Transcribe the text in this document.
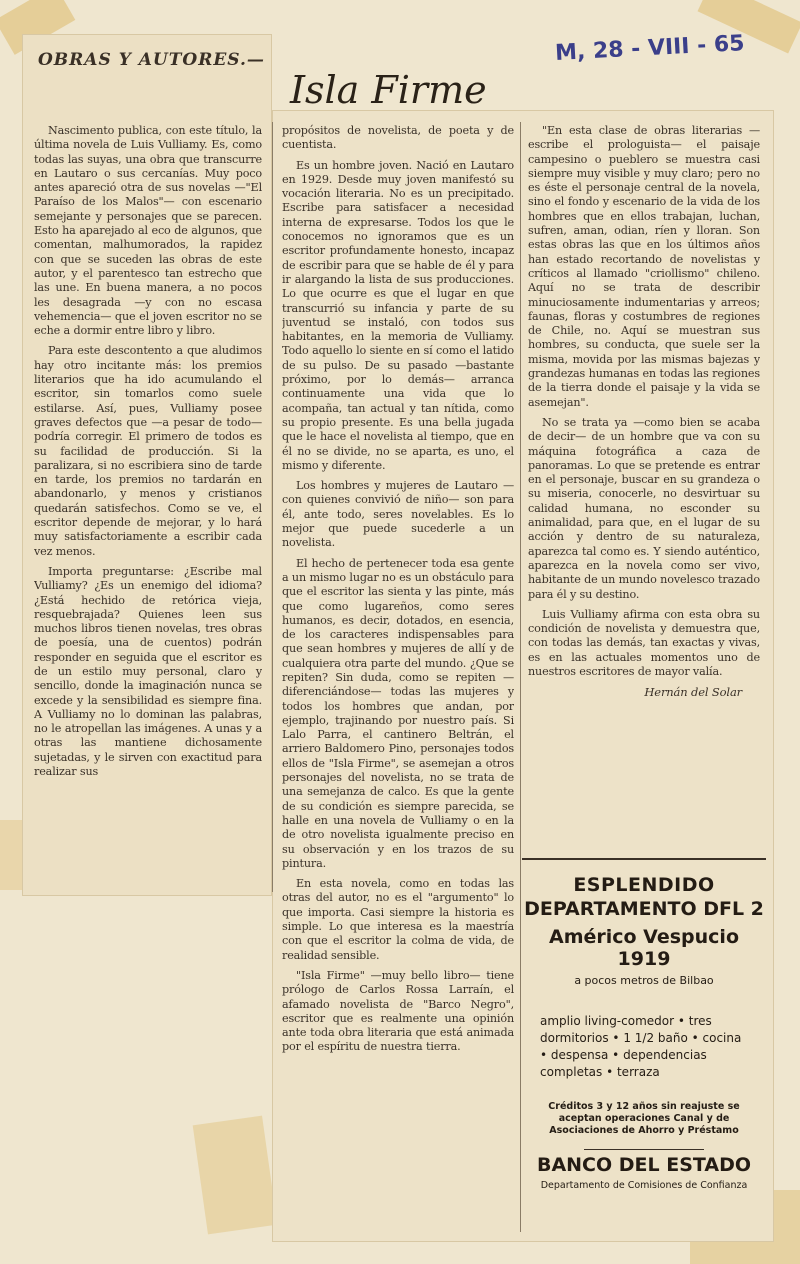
OBRAS Y AUTORES.—	M, 28 - VIII - 65
Isla Firme

Nascimento publica, con este título, la última novela de Luis Vulliamy. Es, como todas las suyas, una obra que transcurre en Lautaro o sus cercanías. Muy poco antes apareció otra de sus novelas —"El Paraíso de los Malos"— con escenario semejante y personajes que se parecen. Esto ha aparejado al eco de algunos, que comentan, malhumorados, la rapidez con que se suceden las obras de este autor, y el parentesco tan estrecho que las une. En buena manera, a no pocos les desagrada —y con no escasa vehemencia— que el joven escritor no se eche a dormir entre libro y libro.

Para este descontento a que aludimos hay otro incitante más: los premios literarios que ha ido acumulando el escritor, sin tomarlos como suele estilarse. Así, pues, Vulliamy posee graves defectos que —a pesar de todo— podría corregir. El primero de todos es su facilidad de producción. Si la paralizara, si no escribiera sino de tarde en tarde, los premios no tardarán en abandonarlo, y menos y cristianos quedarán satisfechos. Como se ve, el escritor depende de mejorar, y lo hará muy satisfactoriamente a escribir cada vez menos.

Importa preguntarse: ¿Escribe mal Vulliamy? ¿Es un enemigo del idioma? ¿Está hechido de retórica vieja, resquebrajada? Quienes leen sus muchos libros tienen novelas, tres obras de poesía, una de cuentos) podrán responder en seguida que el escritor es de un estilo muy personal, claro y sencillo, donde la imaginación nunca se excede y la sensibilidad es siempre fina. A Vulliamy no lo dominan las palabras, no le atropellan las imágenes. A unas y a otras las mantiene dichosamente sujetadas, y le sirven con exactitud para realizar sus

propósitos de novelista, de poeta y de cuentista.

Es un hombre joven. Nació en Lautaro en 1929. Desde muy joven manifestó su vocación literaria. No es un precipitado. Escribe para satisfacer a necesidad interna de expresarse. Todos los que le conocemos no ignoramos que es un escritor profundamente honesto, incapaz de escribir para que se hable de él y para ir alargando la lista de sus producciones. Lo que ocurre es que el lugar en que transcurrió su infancia y parte de su juventud se instaló, con todos sus habitantes, en la memoria de Vulliamy. Todo aquello lo siente en sí como el latido de su pulso. De su pasado —bastante próximo, por lo demás— arranca continuamente una vida que lo acompaña, tan actual y tan nítida, como su propio presente. Es una bella jugada que le hace el novelista al tiempo, que en él no se divide, no se aparta, es uno, el mismo y diferente.

Los hombres y mujeres de Lautaro —con quienes convivió de niño— son para él, ante todo, seres novelables. Es lo mejor que puede sucederle a un novelista.

El hecho de pertenecer toda esa gente a un mismo lugar no es un obstáculo para que el escritor las sienta y las pinte, más que como lugareños, como seres humanos, es decir, dotados, en esencia, de los caracteres indispensables para que sean hombres y mujeres de allí y de cualquiera otra parte del mundo. ¿Que se repiten? Sin duda, como se repiten —diferenciándose— todas las mujeres y todos los hombres que andan, por ejemplo, trajinando por nuestro país. Si Lalo Parra, el cantinero Beltrán, el arriero Baldomero Pino, personajes todos ellos de "Isla Firme", se asemejan a otros personajes del novelista, no se trata de una semejanza de calco. Es que la gente de su condición es siempre parecida, se halle en una novela de Vulliamy o en la de otro novelista igualmente preciso en su observación y en los trazos de su pintura.

En esta novela, como en todas las otras del autor, no es el "argumento" lo que importa. Casi siempre la historia es simple. Lo que interesa es la maestría con que el escritor la colma de vida, de realidad sensible.

"Isla Firme" —muy bello libro— tiene prólogo de Carlos Rossa Larraín, el afamado novelista de "Barco Negro", escritor que es realmente una opinión ante toda obra literaria que está animada por el espíritu de nuestra tierra.

"En esta clase de obras literarias —escribe el prologuista— el paisaje campesino o pueblero se muestra casi siempre muy visible y muy claro; pero no es éste el personaje central de la novela, sino el fondo y escenario de la vida de los hombres que en ellos trabajan, luchan, sufren, aman, odian, ríen y lloran. Son estas obras las que en los últimos años han estado recortando de novelistas y críticos al llamado "criollismo" chileno. Aquí no se trata de describir minuciosamente indumentarias y arreos; faunas, floras y costumbres de regiones de Chile, no. Aquí se muestran sus hombres, su conducta, que suele ser la misma, movida por las mismas bajezas y grandezas humanas en todas las regiones de la tierra donde el paisaje y la vida se asemejan".

No se trata ya —como bien se acaba de decir— de un hombre que va con su máquina fotográfica a caza de panoramas. Lo que se pretende es entrar en el personaje, buscar en su grandeza o su miseria, conocerle, no desvirtuar su calidad humana, no esconder su animalidad, para que, en el lugar de su acción y dentro de su naturaleza, aparezca tal como es. Y siendo auténtico, aparezca en la novela como ser vivo, habitante de un mundo novelesco trazado para él y su destino.

Luis Vulliamy afirma con esta obra su condición de novelista y demuestra que, con todas las demás, tan exactas y vivas, es en las actuales momentos uno de nuestros escritores de mayor valía.

Hernán del Solar

ESPLENDIDO
DEPARTAMENTO DFL 2
Américo Vespucio 1919
a pocos metros de Bilbao
amplio living-comedor • tres dormitorios • 1 1/2 baño • cocina • despensa • dependencias completas • terraza
Créditos 3 y 12 años sin reajuste se aceptan operaciones Canal y de Asociaciones de Ahorro y Préstamo
BANCO DEL ESTADO
Departamento de Comisiones de Confianza
